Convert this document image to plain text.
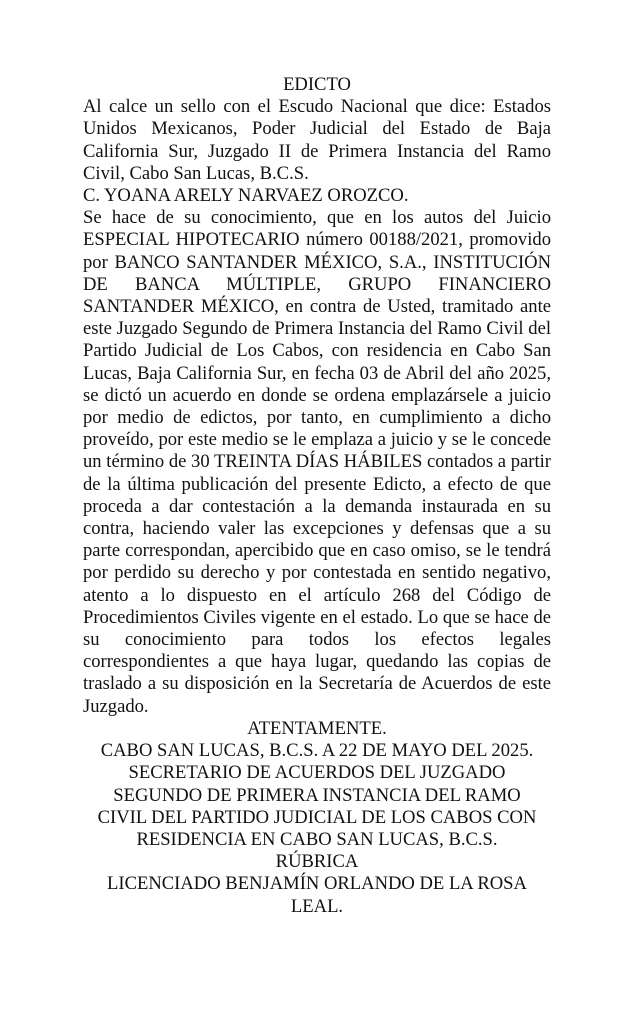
EDICTO

Al calce un sello con el Escudo Nacional que dice: Estados Unidos Mexicanos, Poder Judicial del Estado de Baja California Sur, Juzgado II de Primera Instancia del Ramo Civil, Cabo San Lucas, B.C.S.

C. YOANA ARELY NARVAEZ OROZCO.

Se hace de su conocimiento, que en los autos del Juicio ESPECIAL HIPOTECARIO número 00188/2021, promovido por BANCO SANTANDER MÉXICO, S.A., INSTITUCIÓN DE BANCA MÚLTIPLE, GRUPO FINANCIERO SANTANDER MÉXICO, en contra de Usted, tramitado ante este Juzgado Segundo de Primera Instancia del Ramo Civil del Partido Judicial de Los Cabos, con residencia en Cabo San Lucas, Baja California Sur, en fecha 03 de Abril del año 2025, se dictó un acuerdo en donde se ordena emplazársele a juicio por medio de edictos, por tanto, en cumplimiento a dicho proveído, por este medio se le emplaza a juicio y se le concede un término de 30 TREINTA DÍAS HÁBILES contados a partir de la última publicación del presente Edicto, a efecto de que proceda a dar contestación a la demanda instaurada en su contra, haciendo valer las excepciones y defensas que a su parte correspondan, apercibido que en caso omiso, se le tendrá por perdido su derecho y por contestada en sentido negativo, atento a lo dispuesto en el artículo 268 del Código de Procedimientos Civiles vigente en el estado. Lo que se hace de su conocimiento para todos los efectos legales correspondientes a que haya lugar, quedando las copias de traslado a su disposición en la Secretaría de Acuerdos de este Juzgado.

ATENTAMENTE.
CABO SAN LUCAS, B.C.S. A 22 DE MAYO DEL 2025.
SECRETARIO DE ACUERDOS DEL JUZGADO
SEGUNDO DE PRIMERA INSTANCIA DEL RAMO
CIVIL DEL PARTIDO JUDICIAL DE LOS CABOS CON
RESIDENCIA EN CABO SAN LUCAS, B.C.S.
RÚBRICA
LICENCIADO BENJAMÍN ORLANDO DE LA ROSA
LEAL.
